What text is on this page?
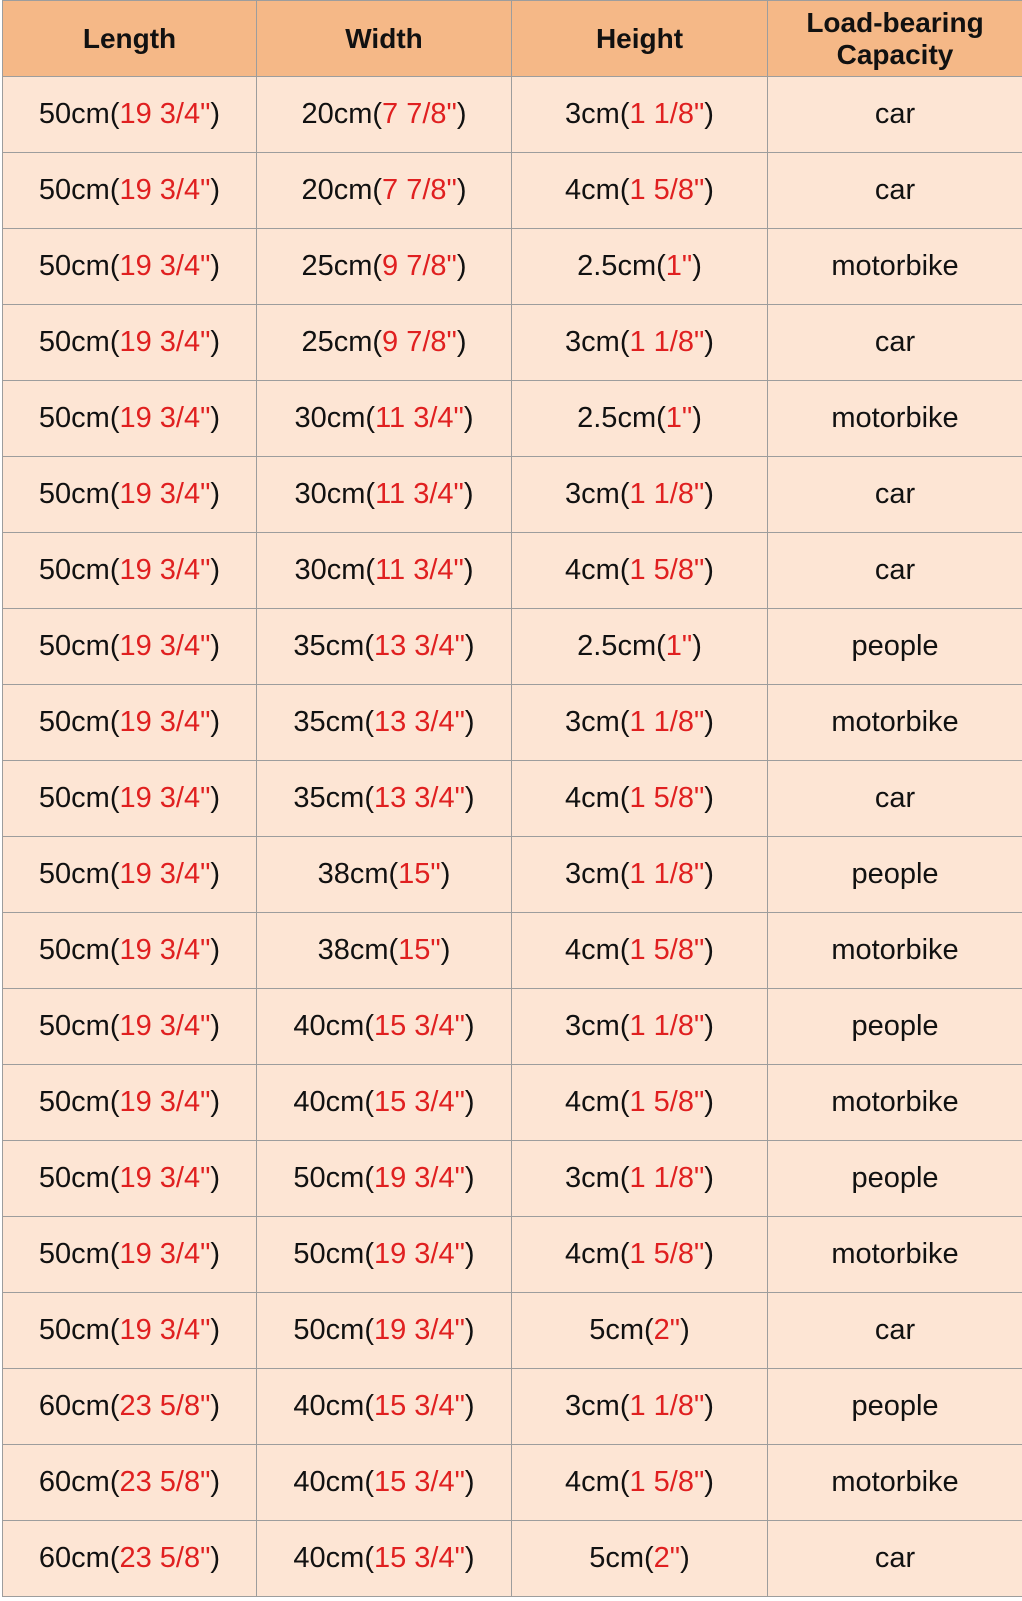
Length	Width	Height	Load-bearing Capacity
50cm(19 3/4")	20cm(7 7/8")	3cm(1 1/8")	car
50cm(19 3/4")	20cm(7 7/8")	4cm(1 5/8")	car
50cm(19 3/4")	25cm(9 7/8")	2.5cm(1")	motorbike
50cm(19 3/4")	25cm(9 7/8")	3cm(1 1/8")	car
50cm(19 3/4")	30cm(11 3/4")	2.5cm(1")	motorbike
50cm(19 3/4")	30cm(11 3/4")	3cm(1 1/8")	car
50cm(19 3/4")	30cm(11 3/4")	4cm(1 5/8")	car
50cm(19 3/4")	35cm(13 3/4")	2.5cm(1")	people
50cm(19 3/4")	35cm(13 3/4")	3cm(1 1/8")	motorbike
50cm(19 3/4")	35cm(13 3/4")	4cm(1 5/8")	car
50cm(19 3/4")	38cm(15")	3cm(1 1/8")	people
50cm(19 3/4")	38cm(15")	4cm(1 5/8")	motorbike
50cm(19 3/4")	40cm(15 3/4")	3cm(1 1/8")	people
50cm(19 3/4")	40cm(15 3/4")	4cm(1 5/8")	motorbike
50cm(19 3/4")	50cm(19 3/4")	3cm(1 1/8")	people
50cm(19 3/4")	50cm(19 3/4")	4cm(1 5/8")	motorbike
50cm(19 3/4")	50cm(19 3/4")	5cm(2")	car
60cm(23 5/8")	40cm(15 3/4")	3cm(1 1/8")	people
60cm(23 5/8")	40cm(15 3/4")	4cm(1 5/8")	motorbike
60cm(23 5/8")	40cm(15 3/4")	5cm(2")	car
